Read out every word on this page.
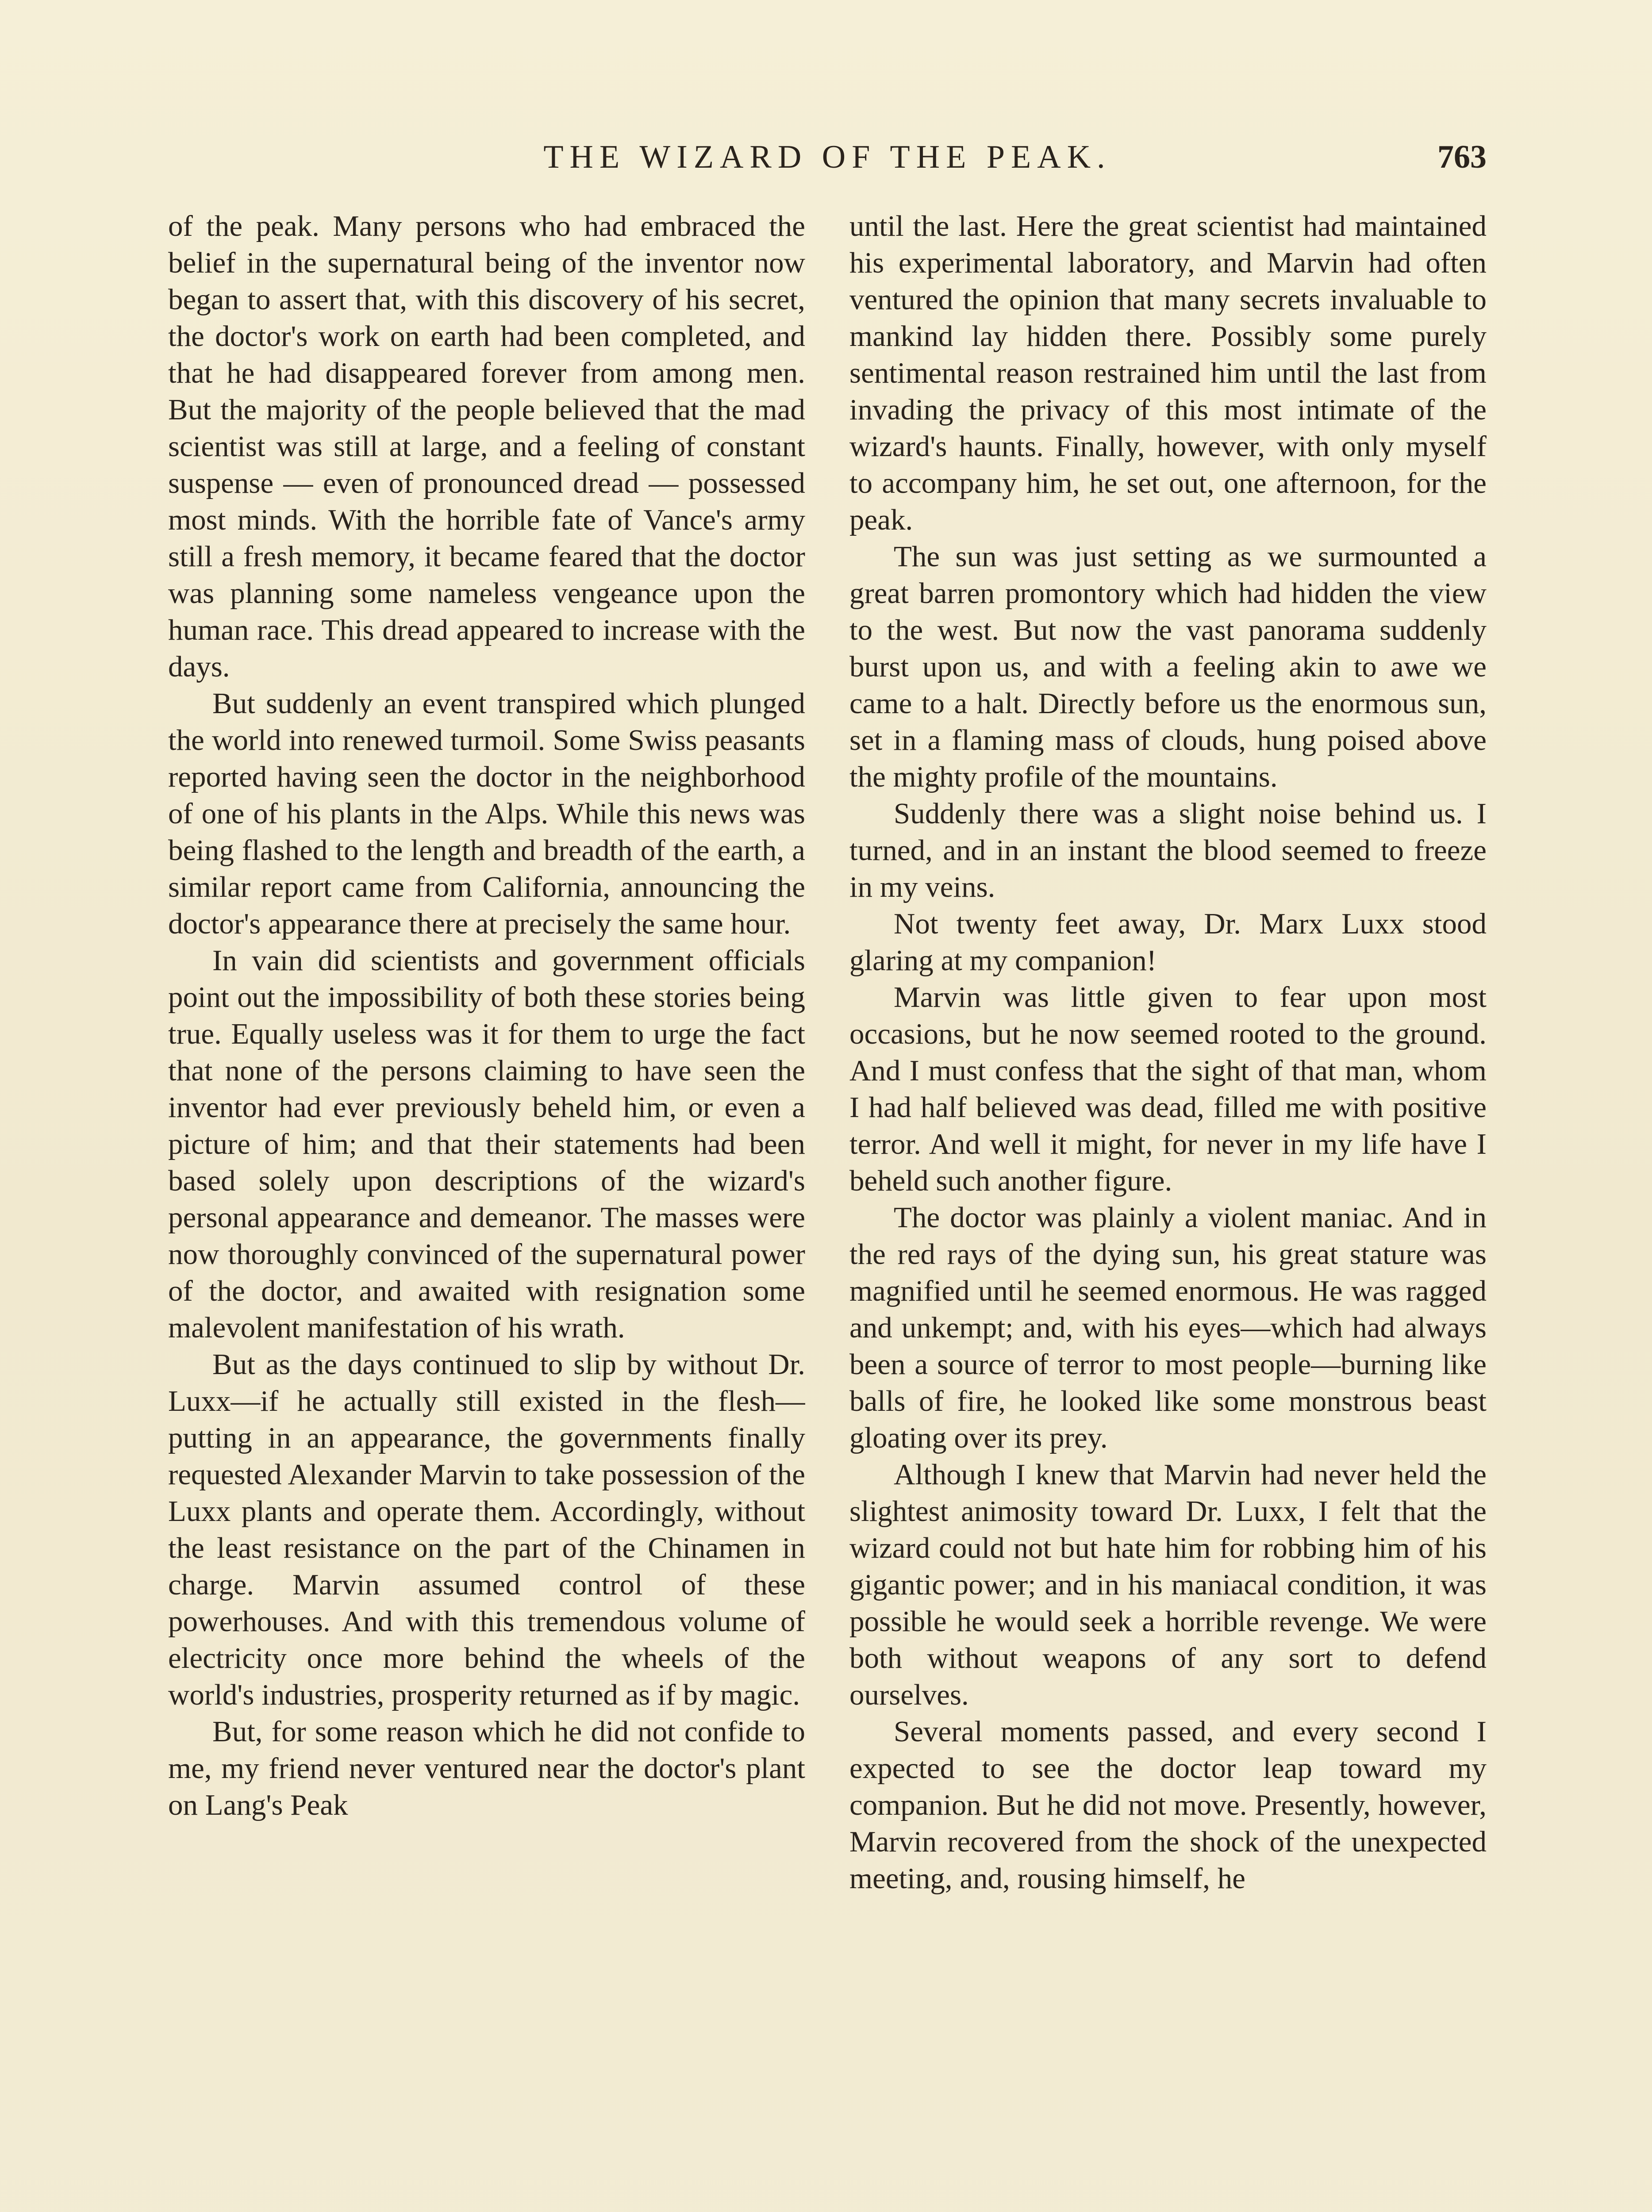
THE WIZARD OF THE PEAK.	763

of the peak. Many persons who had embraced the belief in the supernatural being of the inventor now began to assert that, with this discovery of his secret, the doctor's work on earth had been completed, and that he had disappeared forever from among men. But the majority of the people believed that the mad scientist was still at large, and a feeling of constant suspense — even of pronounced dread — possessed most minds. With the horrible fate of Vance's army still a fresh memory, it became feared that the doctor was planning some nameless vengeance upon the human race. This dread appeared to increase with the days.

But suddenly an event transpired which plunged the world into renewed turmoil. Some Swiss peasants reported having seen the doctor in the neighborhood of one of his plants in the Alps. While this news was being flashed to the length and breadth of the earth, a similar report came from California, announcing the doctor's appearance there at precisely the same hour.

In vain did scientists and government officials point out the impossibility of both these stories being true. Equally useless was it for them to urge the fact that none of the persons claiming to have seen the inventor had ever previously beheld him, or even a picture of him; and that their statements had been based solely upon descriptions of the wizard's personal appearance and demeanor. The masses were now thoroughly convinced of the supernatural power of the doctor, and awaited with resignation some malevolent manifestation of his wrath.

But as the days continued to slip by without Dr. Luxx—if he actually still existed in the flesh—putting in an appearance, the governments finally requested Alexander Marvin to take possession of the Luxx plants and operate them. Accordingly, without the least resistance on the part of the Chinamen in charge. Marvin assumed control of these powerhouses. And with this tremendous volume of electricity once more behind the wheels of the world's industries, prosperity returned as if by magic.

But, for some reason which he did not confide to me, my friend never ventured near the doctor's plant on Lang's Peak

until the last. Here the great scientist had maintained his experimental laboratory, and Marvin had often ventured the opinion that many secrets invaluable to mankind lay hidden there. Possibly some purely sentimental reason restrained him until the last from invading the privacy of this most intimate of the wizard's haunts. Finally, however, with only myself to accompany him, he set out, one afternoon, for the peak.

The sun was just setting as we surmounted a great barren promontory which had hidden the view to the west. But now the vast panorama suddenly burst upon us, and with a feeling akin to awe we came to a halt. Directly before us the enormous sun, set in a flaming mass of clouds, hung poised above the mighty profile of the mountains.

Suddenly there was a slight noise behind us. I turned, and in an instant the blood seemed to freeze in my veins.

Not twenty feet away, Dr. Marx Luxx stood glaring at my companion!

Marvin was little given to fear upon most occasions, but he now seemed rooted to the ground. And I must confess that the sight of that man, whom I had half believed was dead, filled me with positive terror. And well it might, for never in my life have I beheld such another figure.

The doctor was plainly a violent maniac. And in the red rays of the dying sun, his great stature was magnified until he seemed enormous. He was ragged and unkempt; and, with his eyes—which had always been a source of terror to most people—burning like balls of fire, he looked like some monstrous beast gloating over its prey.

Although I knew that Marvin had never held the slightest animosity toward Dr. Luxx, I felt that the wizard could not but hate him for robbing him of his gigantic power; and in his maniacal condition, it was possible he would seek a horrible revenge. We were both without weapons of any sort to defend ourselves.

Several moments passed, and every second I expected to see the doctor leap toward my companion. But he did not move. Presently, however, Marvin recovered from the shock of the unexpected meeting, and, rousing himself, he
